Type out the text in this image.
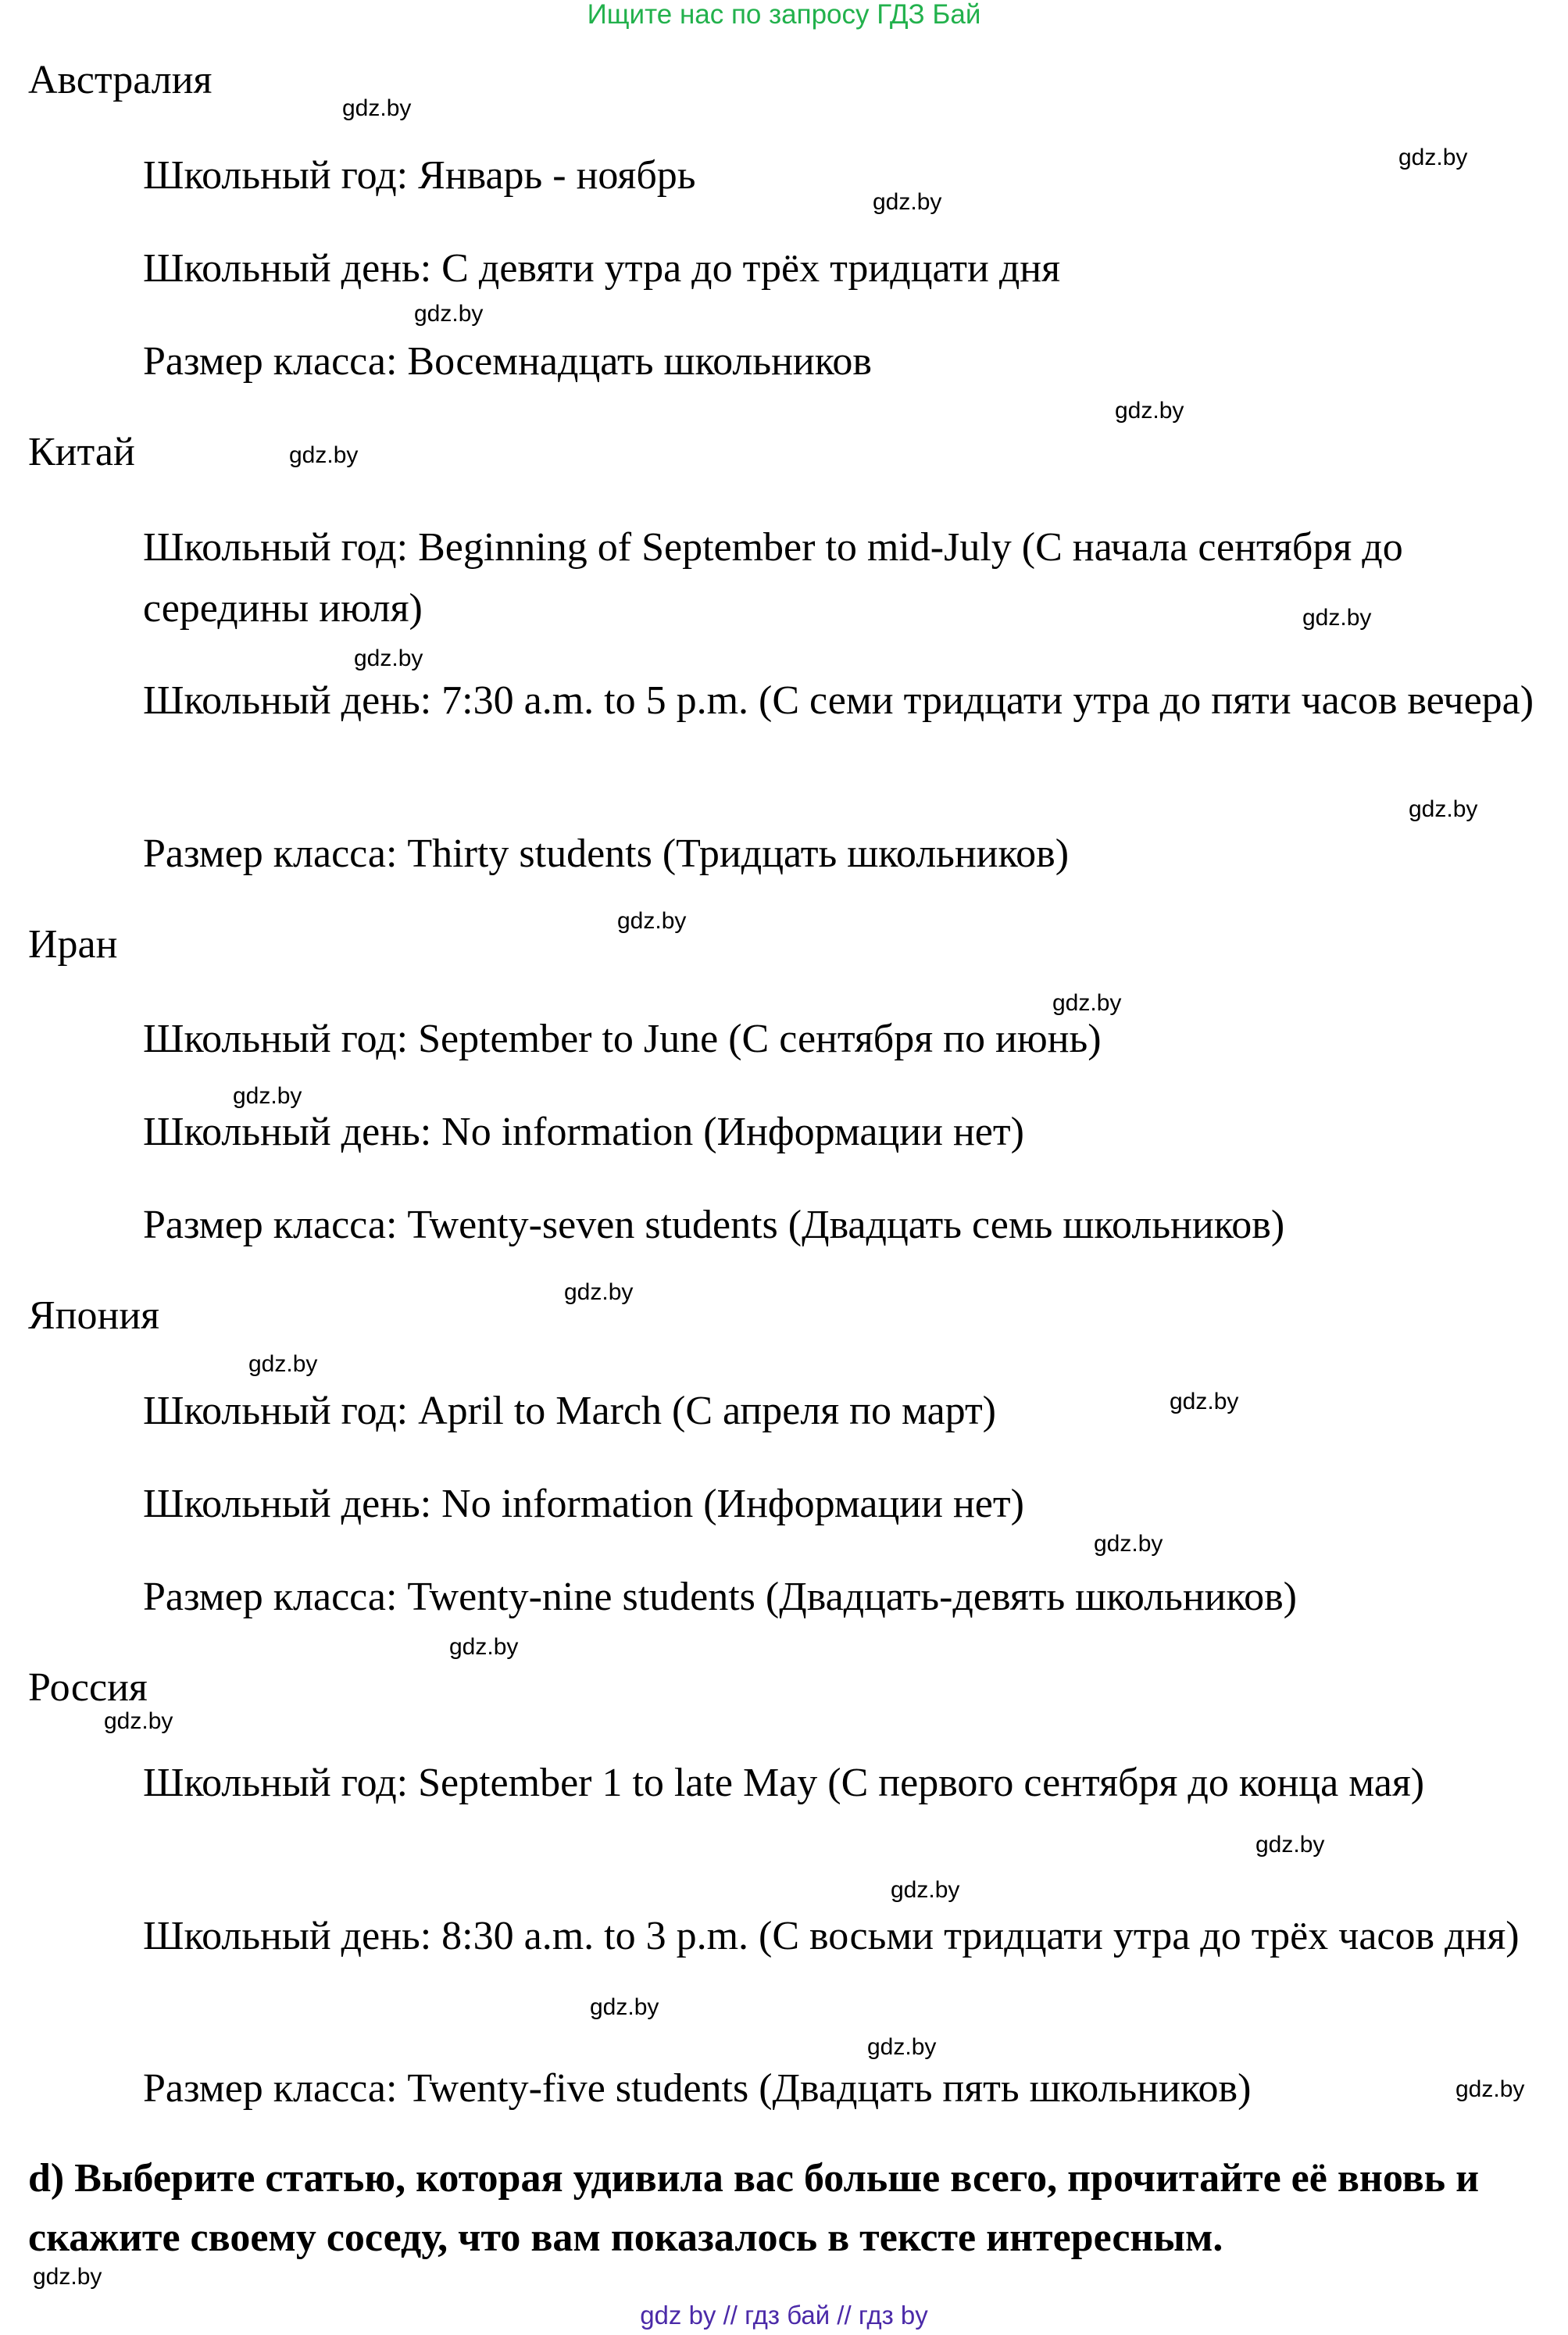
Ищите нас по запросу ГДЗ Бай
Австралия
Школьный год: Январь - ноябрь
Школьный день: С девяти утра до трёх тридцати дня
Размер класса: Восемнадцать школьников
Китай
Школьный год: Beginning of September to mid-July (С начала сентября до середины июля)
Школьный день: 7:30 a.m. to 5 p.m. (С семи тридцати утра до пяти часов вечера)
Размер класса: Thirty students (Тридцать школьников)
Иран
Школьный год: September to June (С сентября по июнь)
Школьный день: No information (Информации нет)
Размер класса: Twenty-seven students (Двадцать семь школьников)
Япония
Школьный год: April to March (С апреля по март)
Школьный день: No information (Информации нет)
Размер класса: Twenty-nine students (Двадцать-девять школьников)
Россия
Школьный год: September 1 to late May (С первого сентября до конца мая)
Школьный день: 8:30 a.m. to 3 p.m. (С восьми тридцати утра до трёх часов дня)
Размер класса: Twenty-five students (Двадцать пять школьников)
d) Выберите статью, которая удивила вас больше всего, прочитайте её вновь и скажите своему соседу, что вам показалось в тексте интересным.
gdz.by
gdz.by
gdz.by
gdz.by
gdz.by
gdz.by
gdz.by
gdz.by
gdz.by
gdz.by
gdz.by
gdz.by
gdz.by
gdz.by
gdz.by
gdz.by
gdz.by
gdz.by
gdz.by
gdz.by
gdz.by
gdz.by
gdz.by
gdz.by
gdz by // гдз бай // гдз by
